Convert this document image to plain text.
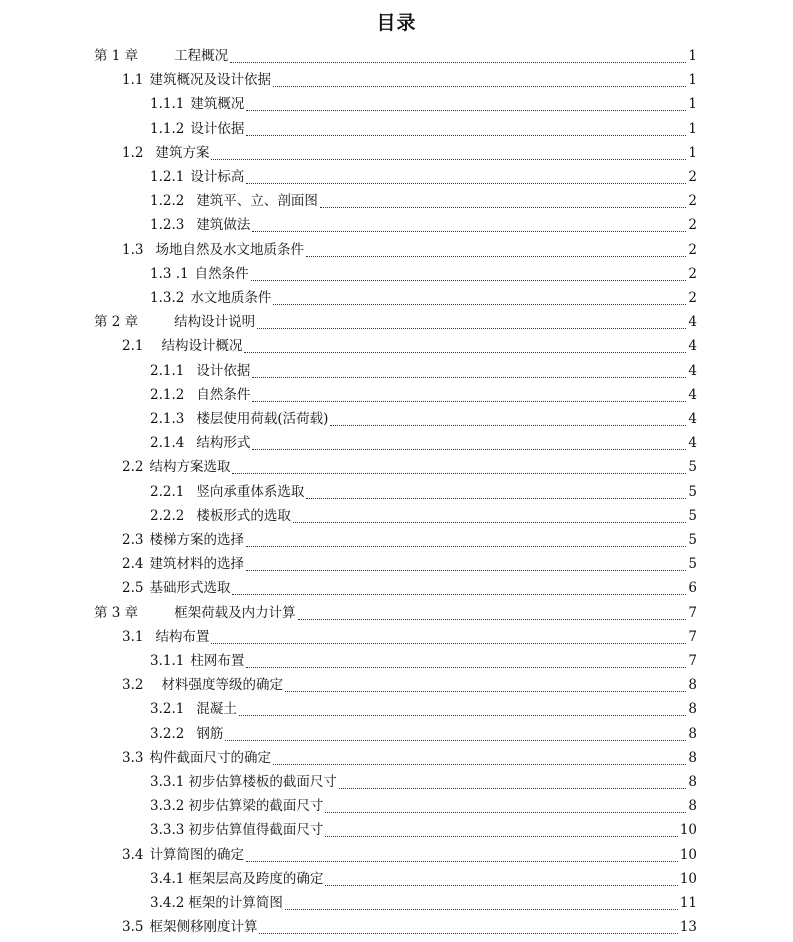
目录
第 1 章	工程概况	1
1.1 建筑概况及设计依据	1
1.1.1 建筑概况	1
1.1.2 设计依据	1
1.2 建筑方案	1
1.2.1 设计标高	2
1.2.2 建筑平、立、剖面图	2
1.2.3 建筑做法	2
1.3 场地自然及水文地质条件	2
1.3 .1 自然条件	2
1.3.2 水文地质条件	2
第 2 章	结构设计说明	4
2.1 结构设计概况	4
2.1.1 设计依据	4
2.1.2 自然条件	4
2.1.3 楼层使用荷载(活荷载)	4
2.1.4 结构形式	4
2.2 结构方案选取	5
2.2.1 竖向承重体系选取	5
2.2.2 楼板形式的选取	5
2.3 楼梯方案的选择	5
2.4 建筑材料的选择	5
2.5 基础形式选取	6
第 3 章	框架荷载及内力计算	7
3.1 结构布置	7
3.1.1 柱网布置	7
3.2 材料强度等级的确定	8
3.2.1 混凝土	8
3.2.2 钢筋	8
3.3 构件截面尺寸的确定	8
3.3.1 初步估算楼板的截面尺寸	8
3.3.2 初步估算梁的截面尺寸	8
3.3.3 初步估算值得截面尺寸	10
3.4 计算简图的确定	10
3.4.1 框架层高及跨度的确定	10
3.4.2 框架的计算简图	11
3.5 框架侧移刚度计算	13
